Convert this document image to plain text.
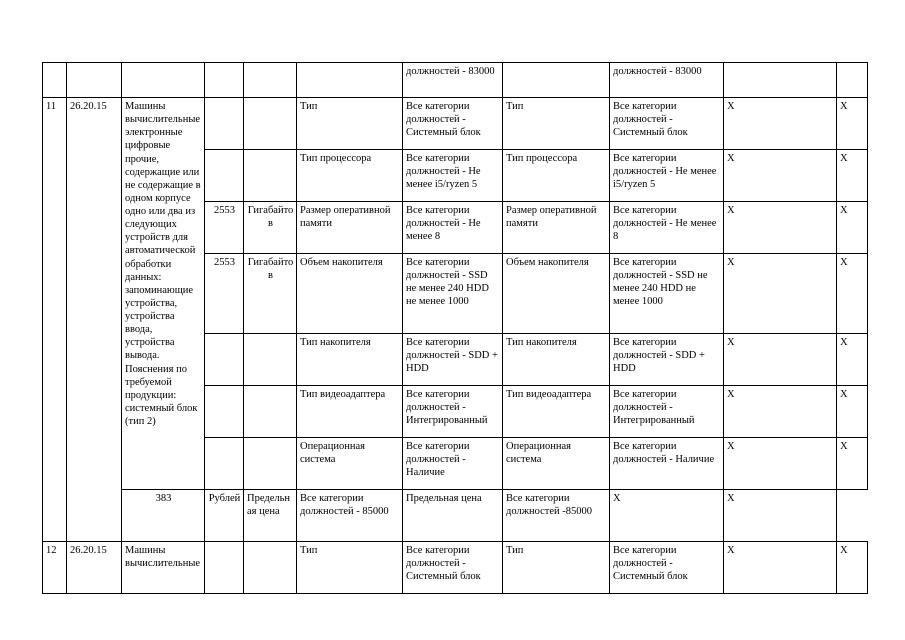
						должностей - 83000		должностей - 83000		
11	26.20.15	Машины вычислительные электронные цифровые прочие, содержащие или не содержащие в одном корпусе одно или два из следующих устройств для автоматической обработки данных: запоминающие устройства, устройства ввода, устройства вывода. Пояснения по требуемой продукции: системный блок (тип 2)			Тип	Все категории должностей - Системный блок	Тип	Все категории должностей - Системный блок	X	X
					Тип процессора	Все категории должностей - Не менее i5/ryzen 5	Тип процессора	Все категории должностей - Не менее i5/ryzen 5	X	X
			2553	Гигабайтов	Размер оперативной памяти	Все категории должностей - Не менее 8	Размер оперативной памяти	Все категории должностей - Не менее 8	X	X
			2553	Гигабайтов	Объем накопителя	Все категории должностей - SSD не менее 240 HDD не менее 1000	Объем накопителя	Все категории должностей - SSD не менее 240 HDD не менее 1000	X	X
					Тип накопителя	Все категории должностей - SDD + HDD	Тип накопителя	Все категории должностей - SDD + HDD	X	X
					Тип видеоадаптера	Все категории должностей - Интегрированный	Тип видеоадаптера	Все категории должностей - Интегрированный	X	X
					Операционная система	Все категории должностей - Наличие	Операционная система	Все категории должностей - Наличие	X	X
		383	Рублей	Предельная цена	Все категории должностей - 85000	Предельная цена	Все категории должностей -85000	X	X	
12	26.20.15	Машины вычислительные			Тип	Все категории должностей - Системный блок	Тип	Все категории должностей - Системный блок	X	X
